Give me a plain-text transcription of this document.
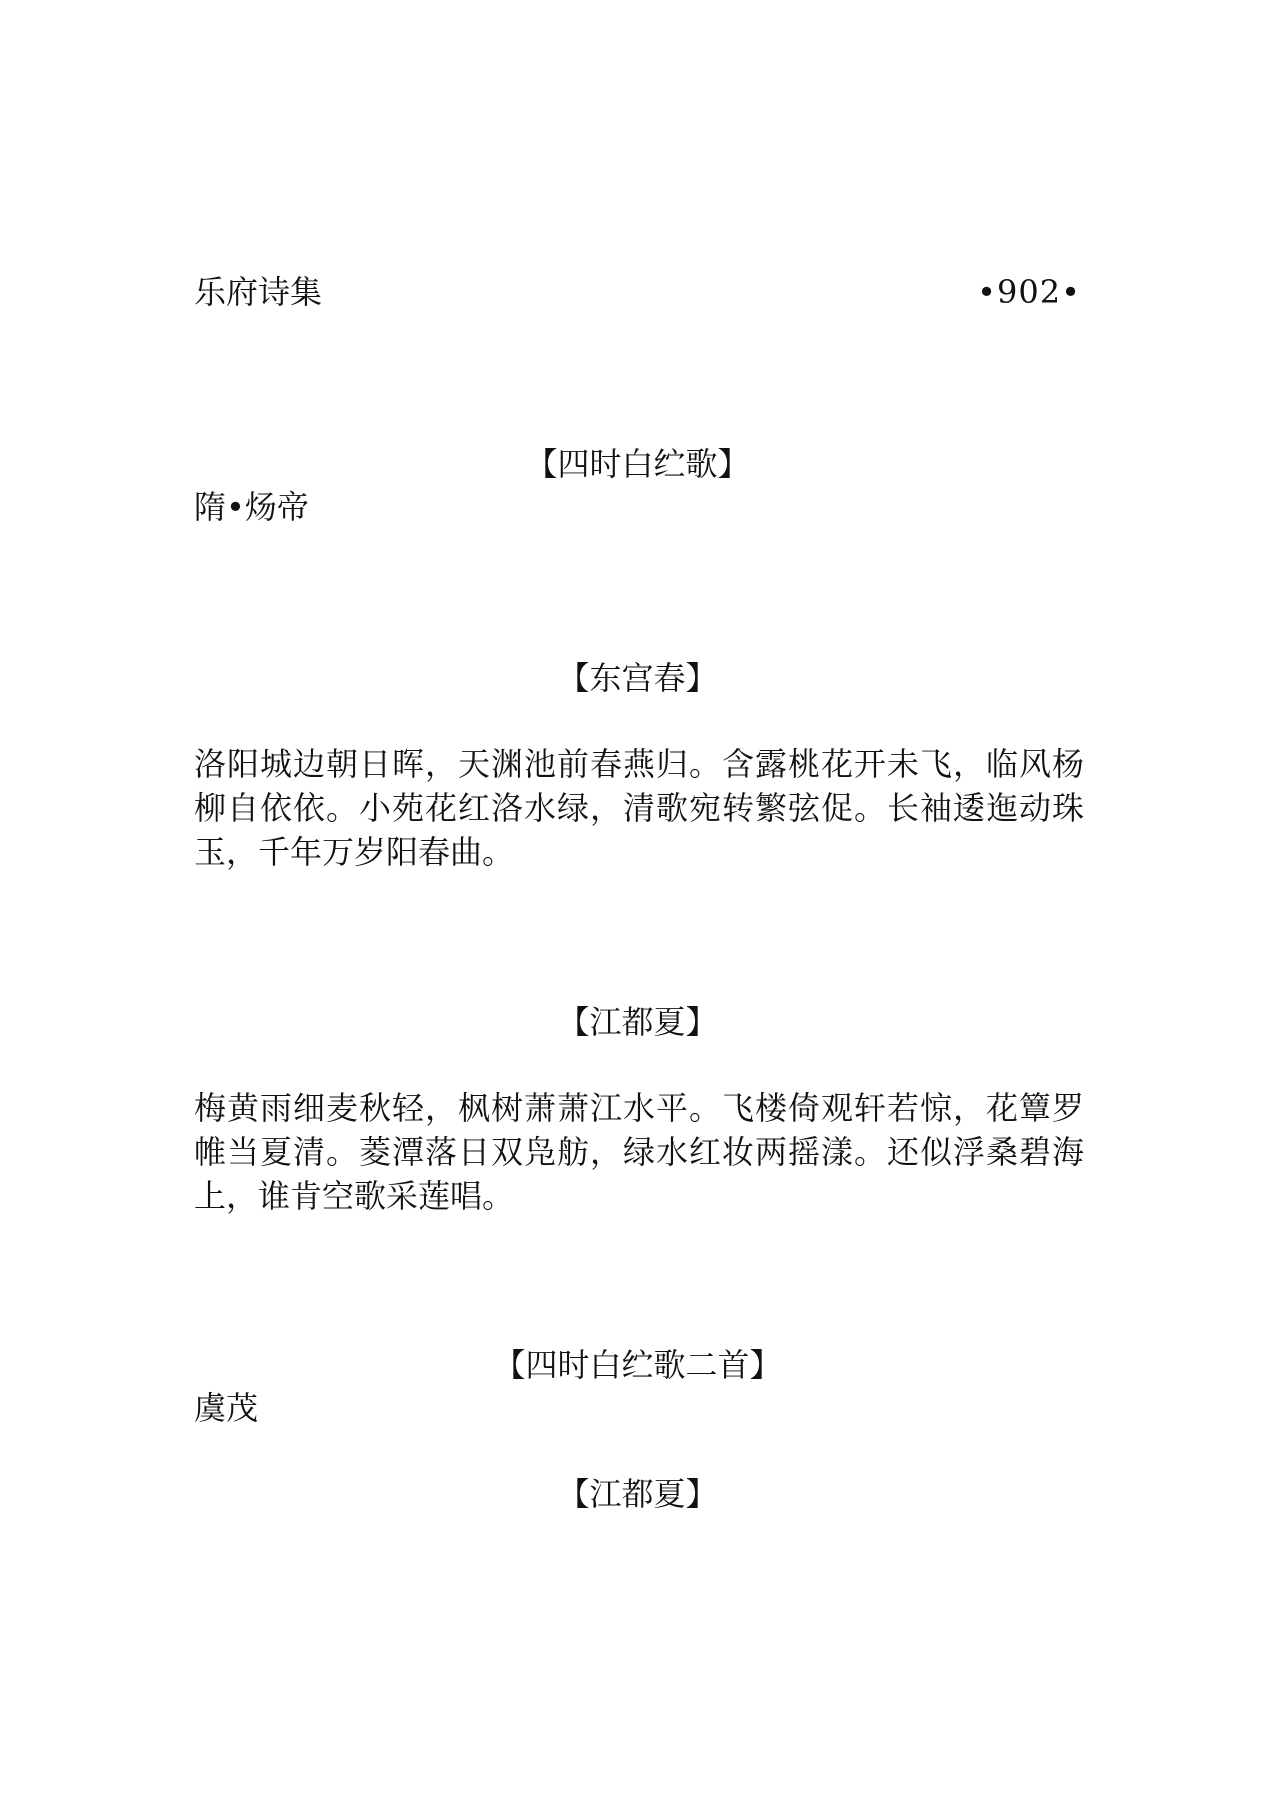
乐府诗集	•902•
【四时白纻歌】
隋•炀帝
【东宫春】
洛阳城边朝日晖，天渊池前春燕归。含露桃花开未飞，临风杨柳自依依。小苑花红洛水绿，清歌宛转繁弦促。长袖逶迤动珠玉，千年万岁阳春曲。
【江都夏】
梅黄雨细麦秋轻，枫树萧萧江水平。飞楼倚观轩若惊，花簟罗帷当夏清。菱潭落日双凫舫，绿水红妆两摇漾。还似浮桑碧海上，谁肯空歌采莲唱。
【四时白纻歌二首】
虞茂
【江都夏】
